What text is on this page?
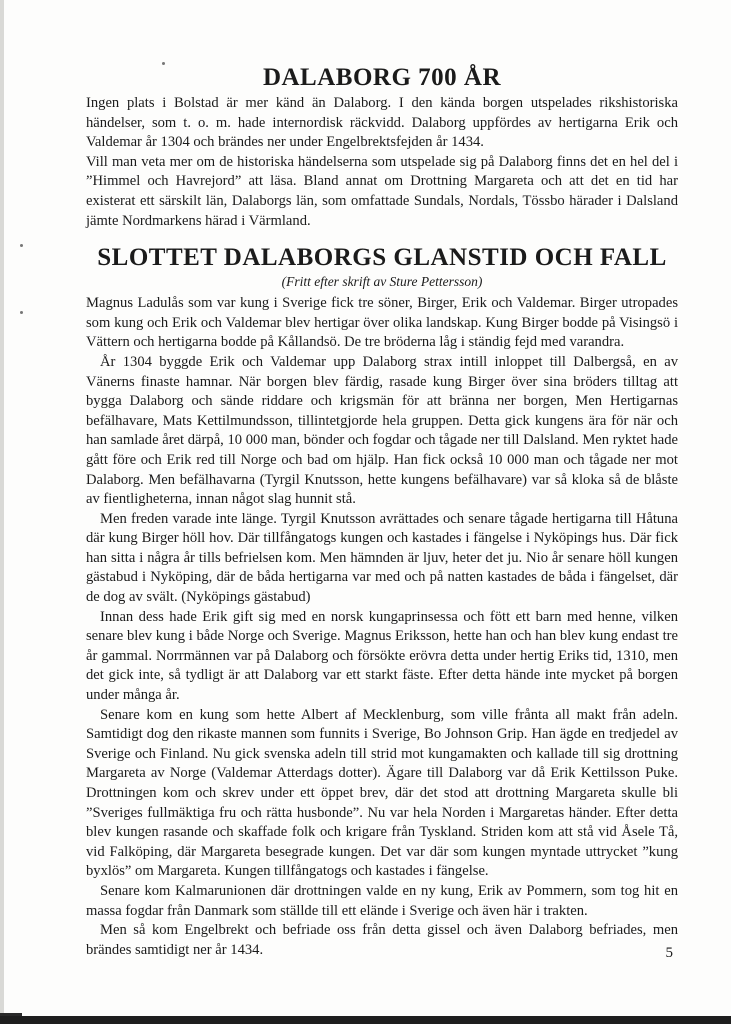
DALABORG 700 ÅR

Ingen plats i Bolstad är mer känd än Dalaborg. I den kända borgen utspelades rikshistoriska händelser, som t. o. m. hade internordisk räckvidd. Dalaborg uppfördes av hertigarna Erik och Valdemar år 1304 och brändes ner under Engelbrektsfejden år 1434.

Vill man veta mer om de historiska händelserna som utspelade sig på Dalaborg finns det en hel del i ”Himmel och Havrejord” att läsa. Bland annat om Drottning Margareta och att det en tid har existerat ett särskilt län, Dalaborgs län, som omfattade Sundals, Nordals, Tössbo härader i Dalsland jämte Nordmarkens härad i Värmland.

SLOTTET DALABORGS GLANSTID OCH FALL
(Fritt efter skrift av Sture Pettersson)

Magnus Ladulås som var kung i Sverige fick tre söner, Birger, Erik och Valdemar. Birger utropades som kung och Erik och Valdemar blev hertigar över olika landskap. Kung Birger bodde på Visingsö i Vättern och hertigarna bodde på Kållandsö. De tre bröderna låg i ständig fejd med varandra.

År 1304 byggde Erik och Valdemar upp Dalaborg strax intill inloppet till Dalbergså, en av Vänerns finaste hamnar. När borgen blev färdig, rasade kung Birger över sina bröders tilltag att bygga Dalaborg och sände riddare och krigsmän för att bränna ner borgen, Men Hertigarnas befälhavare, Mats Kettilmundsson, tillintetgjorde hela gruppen. Detta gick kungens ära för när och han samlade året därpå, 10 000 man, bönder och fogdar och tågade ner till Dalsland. Men ryktet hade gått före och Erik red till Norge och bad om hjälp. Han fick också 10 000 man och tågade ner mot Dalaborg. Men befälhavarna (Tyrgil Knutsson, hette kungens befälhavare) var så kloka så de blåste av fientligheterna, innan något slag hunnit stå.

Men freden varade inte länge. Tyrgil Knutsson avrättades och senare tågade hertigarna till Håtuna där kung Birger höll hov. Där tillfångatogs kungen och kastades i fängelse i Nyköpings hus. Där fick han sitta i några år tills befrielsen kom. Men hämnden är ljuv, heter det ju. Nio år senare höll kungen gästabud i Nyköping, där de båda hertigarna var med och på natten kastades de båda i fängelset, där de dog av svält. (Nyköpings gästabud)

Innan dess hade Erik gift sig med en norsk kungaprinsessa och fött ett barn med henne, vilken senare blev kung i både Norge och Sverige. Magnus Eriksson, hette han och han blev kung endast tre år gammal. Norrmännen var på Dalaborg och försökte erövra detta under hertig Eriks tid, 1310, men det gick inte, så tydligt är att Dalaborg var ett starkt fäste. Efter detta hände inte mycket på borgen under många år.

Senare kom en kung som hette Albert af Mecklenburg, som ville frånta all makt från adeln. Samtidigt dog den rikaste mannen som funnits i Sverige, Bo Johnson Grip. Han ägde en tredjedel av Sverige och Finland. Nu gick svenska adeln till strid mot kungamakten och kallade till sig drottning Margareta av Norge (Valdemar Atterdags dotter). Ägare till Dalaborg var då Erik Kettilsson Puke. Drottningen kom och skrev under ett öppet brev, där det stod att drottning Margareta skulle bli ”Sveriges fullmäktiga fru och rätta husbonde”. Nu var hela Norden i Margaretas händer. Efter detta blev kungen rasande och skaffade folk och krigare från Tyskland. Striden kom att stå vid Åsele Tå, vid Falköping, där Margareta besegrade kungen. Det var där som kungen myntade uttrycket ”kung byxlös” om Margareta. Kungen tillfångatogs och kastades i fängelse.

Senare kom Kalmarunionen där drottningen valde en ny kung, Erik av Pommern, som tog hit en massa fogdar från Danmark som ställde till ett elände i Sverige och även här i trakten.

Men så kom Engelbrekt och befriade oss från detta gissel och även Dalaborg befriades, men brändes samtidigt ner år 1434.	5
